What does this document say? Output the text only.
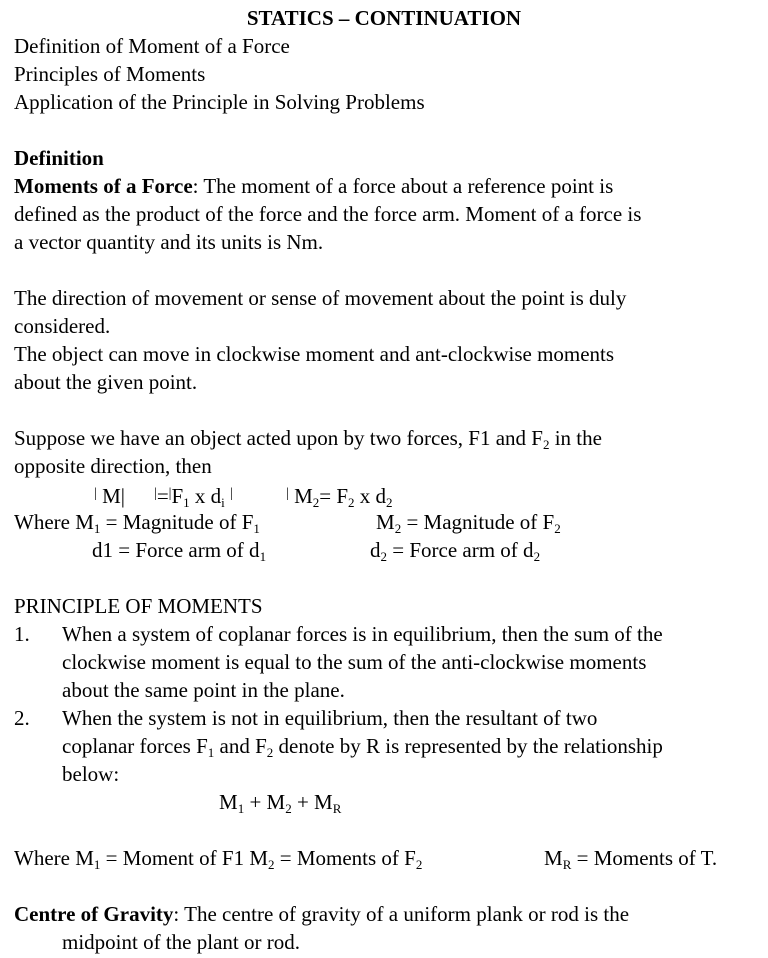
STATICS – CONTINUATION
Definition of Moment of a Force
Principles of Moments
Application of the Principle in Solving Problems
Definition
Moments of a Force: The moment of a force about a reference point is
defined as the product of the force and the force arm. Moment of a force is
a vector quantity and its units is Nm.
The direction of movement or sense of movement about the point is duly
considered.
The object can move in clockwise moment and ant-clockwise moments
about the given point.
Suppose we have an object acted upon by two forces, F1 and $F_2$ in the
opposite direction, then
| M| $^|=^|F_1$ x $d_i$ |	| $M_2= F_2$ x $d_2$
Where $M_1$ = Magnitude of $F_1$	$M_2$ = Magnitude of $F_2$
d1 = Force arm of $d_1$	$d_2$ = Force arm of $d_2$
PRINCIPLE OF MOMENTS
1. When a system of coplanar forces is in equilibrium, then the sum of the
clockwise moment is equal to the sum of the anti-clockwise moments
about the same point in the plane.
2. When the system is not in equilibrium, then the resultant of two
coplanar forces $F_1$ and $F_2$ denote by R is represented by the relationship
below:
$M_1 + M_2 + M_R$
Where $M_1$ = Moment of F1 $M_2$ = Moments of $F_2$	$M_R$ = Moments of T.
Centre of Gravity: The centre of gravity of a uniform plank or rod is the
midpoint of the plant or rod.
